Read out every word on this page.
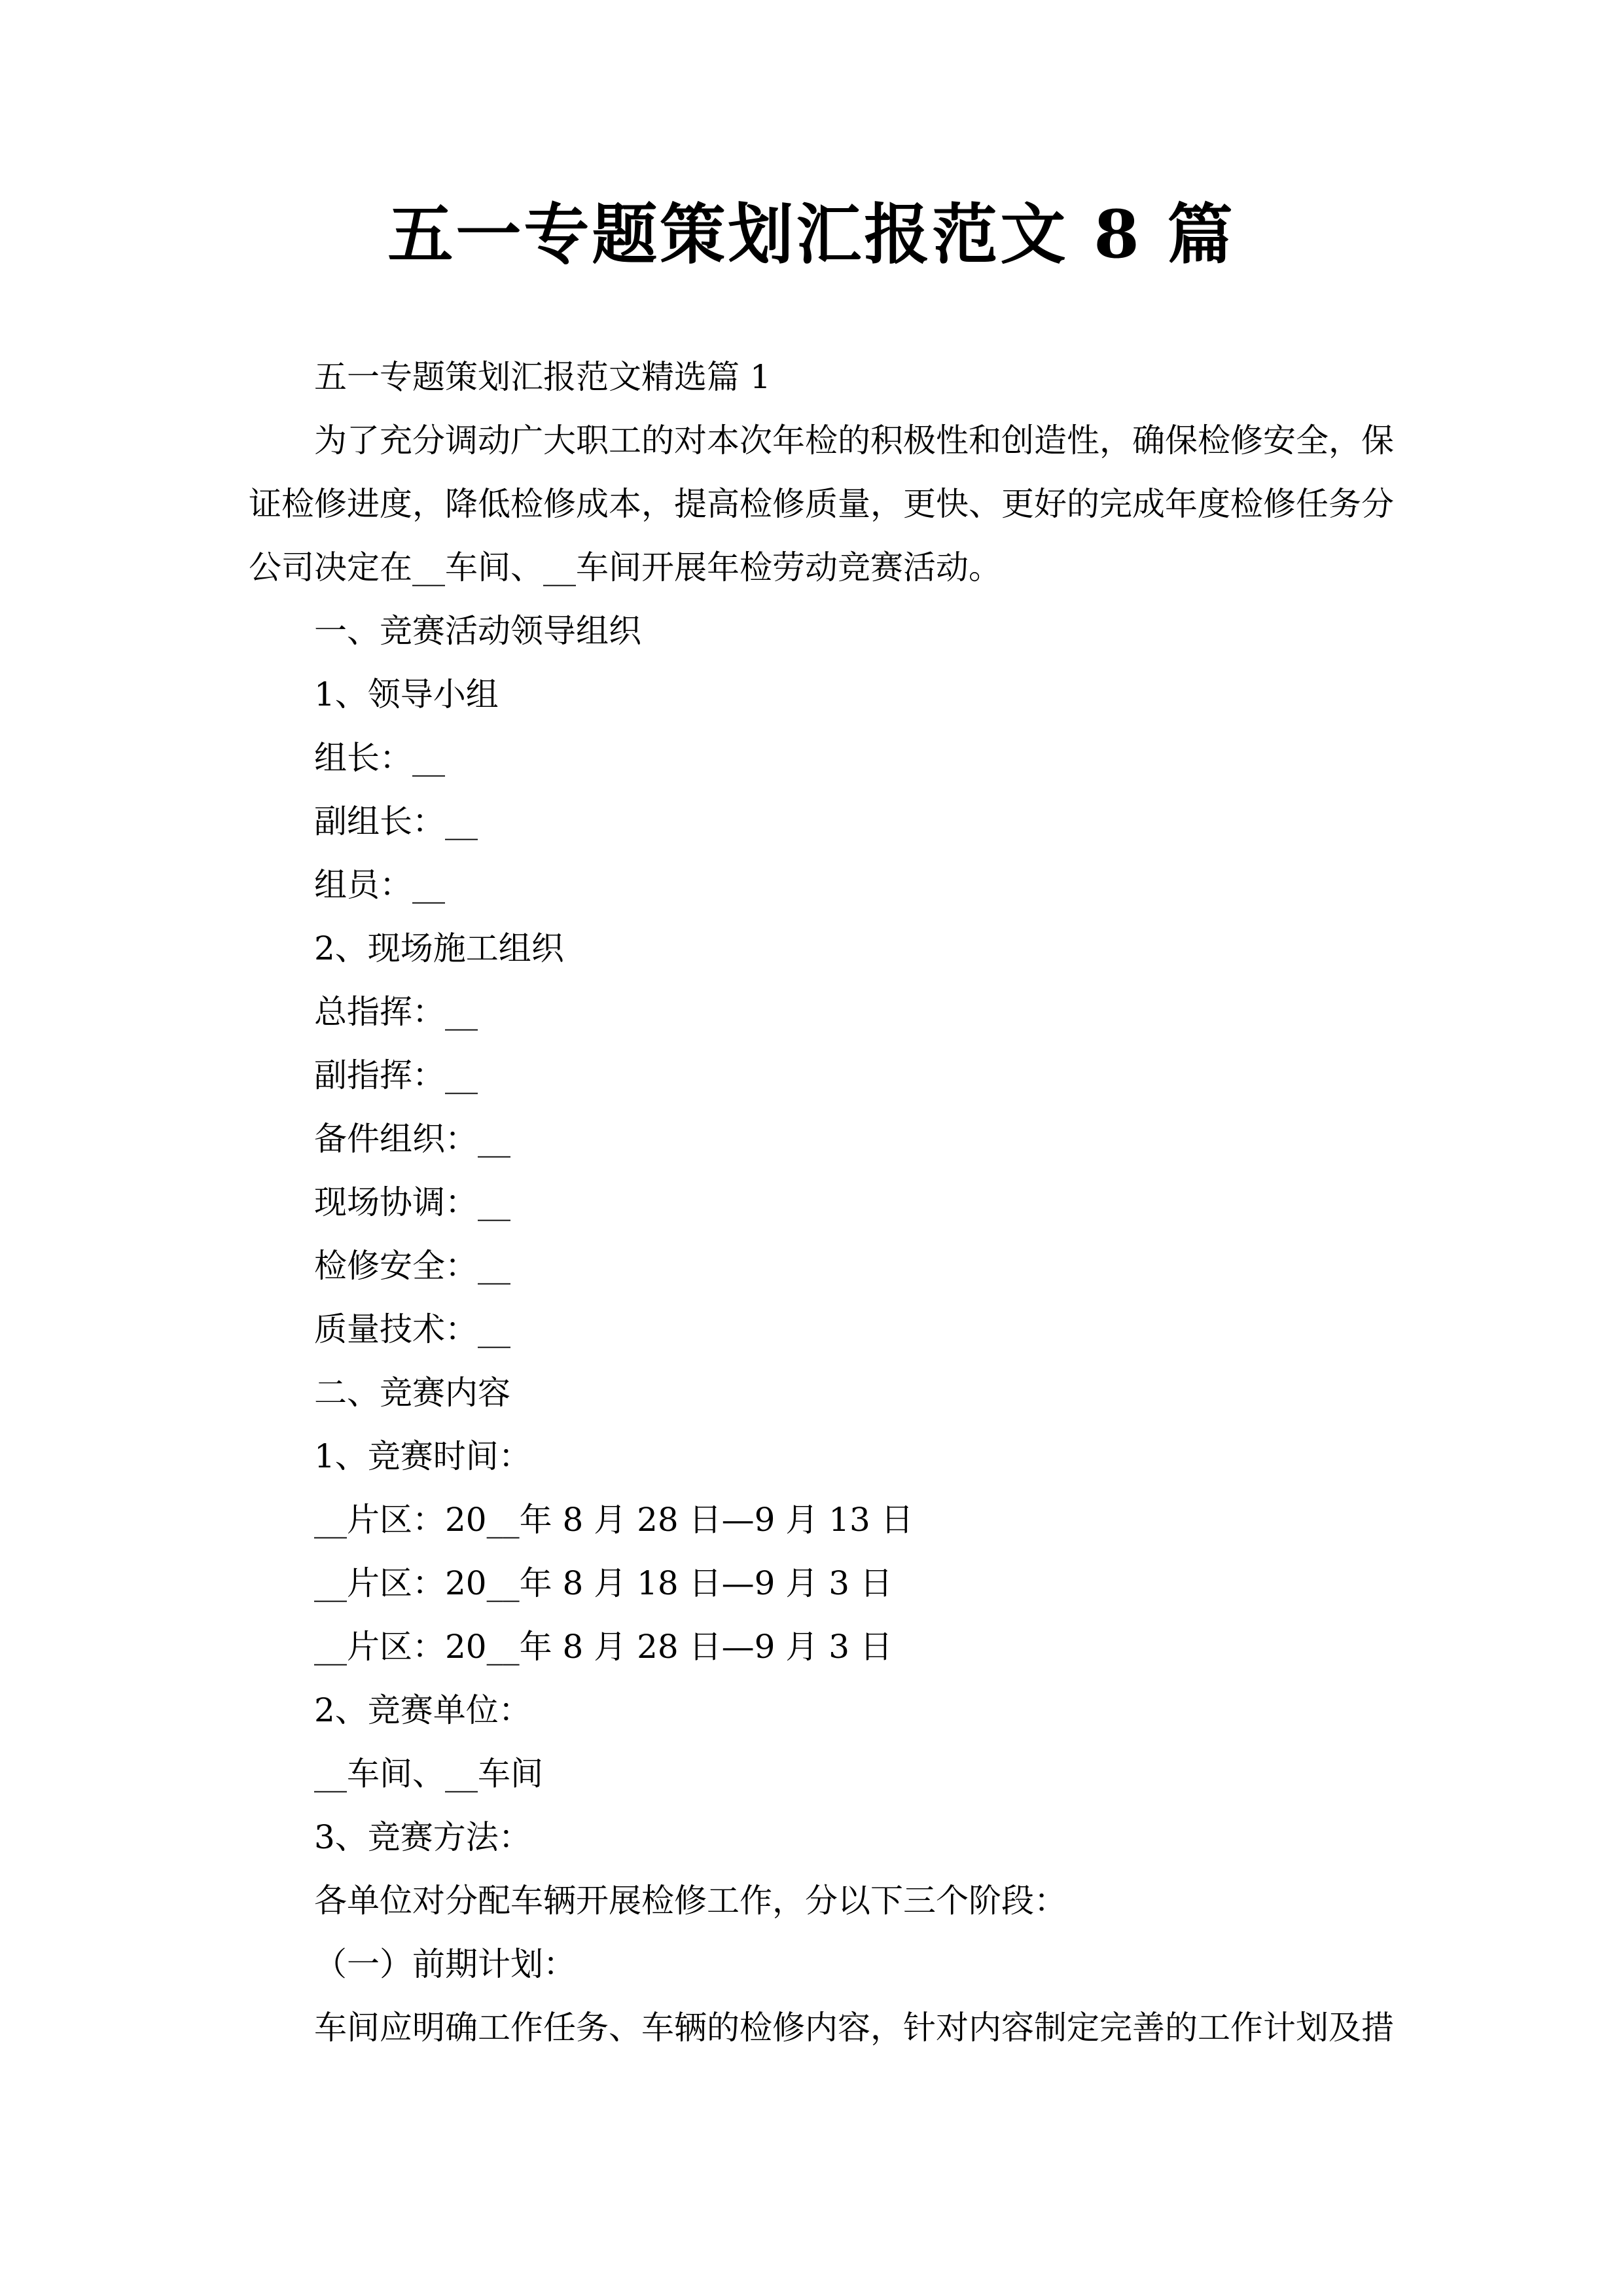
五一专题策划汇报范文 8 篇

五一专题策划汇报范文精选篇 1

为了充分调动广大职工的对本次年检的积极性和创造性，确保检修安全，保

证检修进度，降低检修成本，提高检修质量，更快、更好的完成年度检修任务分

公司决定在__车间、__车间开展年检劳动竞赛活动。

一、竞赛活动领导组织

1、领导小组

组长：__

副组长：__

组员：__

2、现场施工组织

总指挥：__

副指挥：__

备件组织：__

现场协调：__

检修安全：__

质量技术：__

二、竞赛内容

1、竞赛时间：

__片区：20__年 8 月 28 日—9 月 13 日

__片区：20__年 8 月 18 日—9 月 3 日

__片区：20__年 8 月 28 日—9 月 3 日

2、竞赛单位：

__车间、__车间

3、竞赛方法：

各单位对分配车辆开展检修工作，分以下三个阶段：

（一）前期计划：

车间应明确工作任务、车辆的检修内容，针对内容制定完善的工作计划及措
